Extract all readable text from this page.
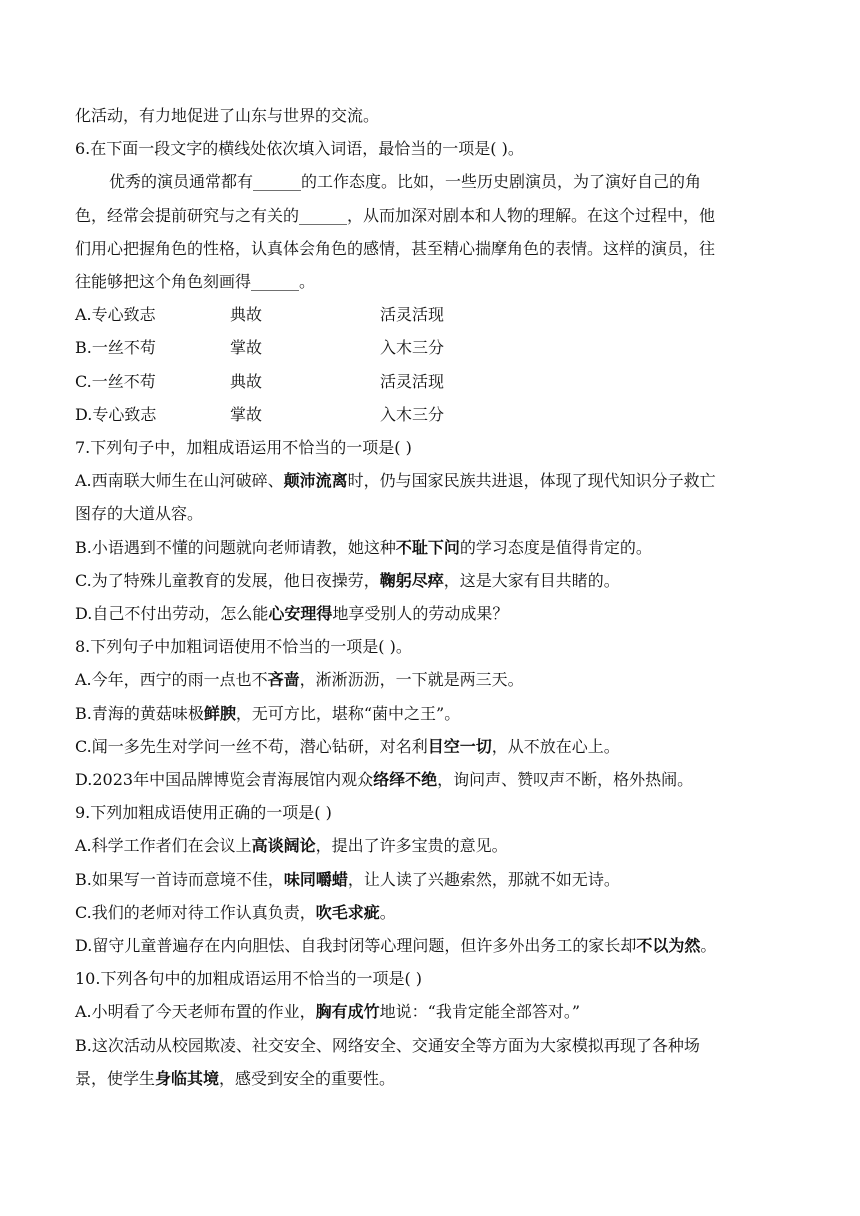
化活动，有力地促进了山东与世界的交流。
6.在下面一段文字的横线处依次填入词语，最恰当的一项是( )。
优秀的演员通常都有______的工作态度。比如，一些历史剧演员，为了演好自己的角
色，经常会提前研究与之有关的______，从而加深对剧本和人物的理解。在这个过程中，他
们用心把握角色的性格，认真体会角色的感情，甚至精心揣摩角色的表情。这样的演员，往
往能够把这个角色刻画得______。
A.专心致志	典故	活灵活现
B.一丝不苟	掌故	入木三分
C.一丝不苟	典故	活灵活现
D.专心致志	掌故	入木三分
7.下列句子中，加粗成语运用不恰当的一项是( )
A.西南联大师生在山河破碎、颠沛流离时，仍与国家民族共进退，体现了现代知识分子救亡
图存的大道从容。
B.小语遇到不懂的问题就向老师请教，她这种不耻下问的学习态度是值得肯定的。
C.为了特殊儿童教育的发展，他日夜操劳，鞠躬尽瘁，这是大家有目共睹的。
D.自己不付出劳动，怎么能心安理得地享受别人的劳动成果？
8.下列句子中加粗词语使用不恰当的一项是( )。
A.今年，西宁的雨一点也不吝啬，淅淅沥沥，一下就是两三天。
B.青海的黄菇味极鲜腴，无可方比，堪称“菌中之王”。
C.闻一多先生对学问一丝不苟，潜心钻研，对名利目空一切，从不放在心上。
D.2023年中国品牌博览会青海展馆内观众络绎不绝，询问声、赞叹声不断，格外热闹。
9.下列加粗成语使用正确的一项是( )
A.科学工作者们在会议上高谈阔论，提出了许多宝贵的意见。
B.如果写一首诗而意境不佳，味同嚼蜡，让人读了兴趣索然，那就不如无诗。
C.我们的老师对待工作认真负责，吹毛求疵。
D.留守儿童普遍存在内向胆怯、自我封闭等心理问题，但许多外出务工的家长却不以为然。
10.下列各句中的加粗成语运用不恰当的一项是( )
A.小明看了今天老师布置的作业，胸有成竹地说：“我肯定能全部答对。”
B.这次活动从校园欺凌、社交安全、网络安全、交通安全等方面为大家模拟再现了各种场
景，使学生身临其境，感受到安全的重要性。
